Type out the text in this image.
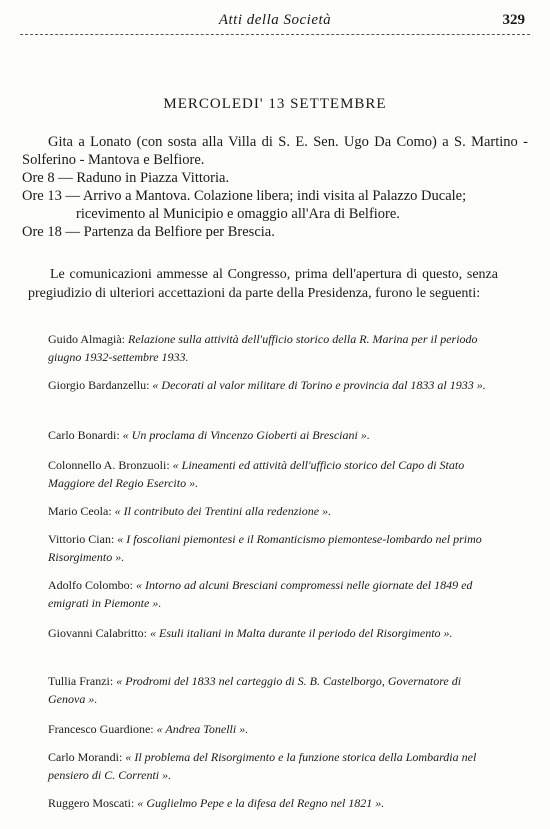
Atti della Società	329
MERCOLEDI' 13 SETTEMBRE

Gita a Lonato (con sosta alla Villa di S. E. Sen. Ugo Da Como) a S. Martino - Solferino - Mantova e Belfiore.

Ore 8 — Raduno in Piazza Vittoria.

Ore 13 — Arrivo a Mantova. Colazione libera; indi visita al Palazzo Ducale; ricevimento al Municipio e omaggio all'Ara di Belfiore.

Ore 18 — Partenza da Belfiore per Brescia.

Le comunicazioni ammesse al Congresso, prima dell'apertura di questo, senza pregiudizio di ulteriori accettazioni da parte della Presidenza, furono le seguenti:

Guido Almagià: Relazione sulla attività dell'ufficio storico della R. Marina per il periodo giugno 1932-settembre 1933.
Giorgio Bardanzellu: « Decorati al valor militare di Torino e provincia dal 1833 al 1933 ».
Carlo Bonardi: « Un proclama di Vincenzo Gioberti ai Bresciani ».
Colonnello A. Bronzuoli: « Lineamenti ed attività dell'ufficio storico del Capo di Stato Maggiore del Regio Esercito ».
Mario Ceola: « Il contributo dei Trentini alla redenzione ».
Vittorio Cian: « I foscoliani piemontesi e il Romanticismo piemontese-lombardo nel primo Risorgimento ».
Adolfo Colombo: « Intorno ad alcuni Bresciani compromessi nelle giornate del 1849 ed emigrati in Piemonte ».
Giovanni Calabritto: « Esuli italiani in Malta durante il periodo del Risorgimento ».
Tullia Franzi: « Prodromi del 1833 nel carteggio di S. B. Castelborgo, Governatore di Genova ».
Francesco Guardione: « Andrea Tonelli ».
Carlo Morandi: « Il problema del Risorgimento e la funzione storica della Lombardia nel pensiero di C. Correnti ».
Ruggero Moscati: « Guglielmo Pepe e la difesa del Regno nel 1821 ».
